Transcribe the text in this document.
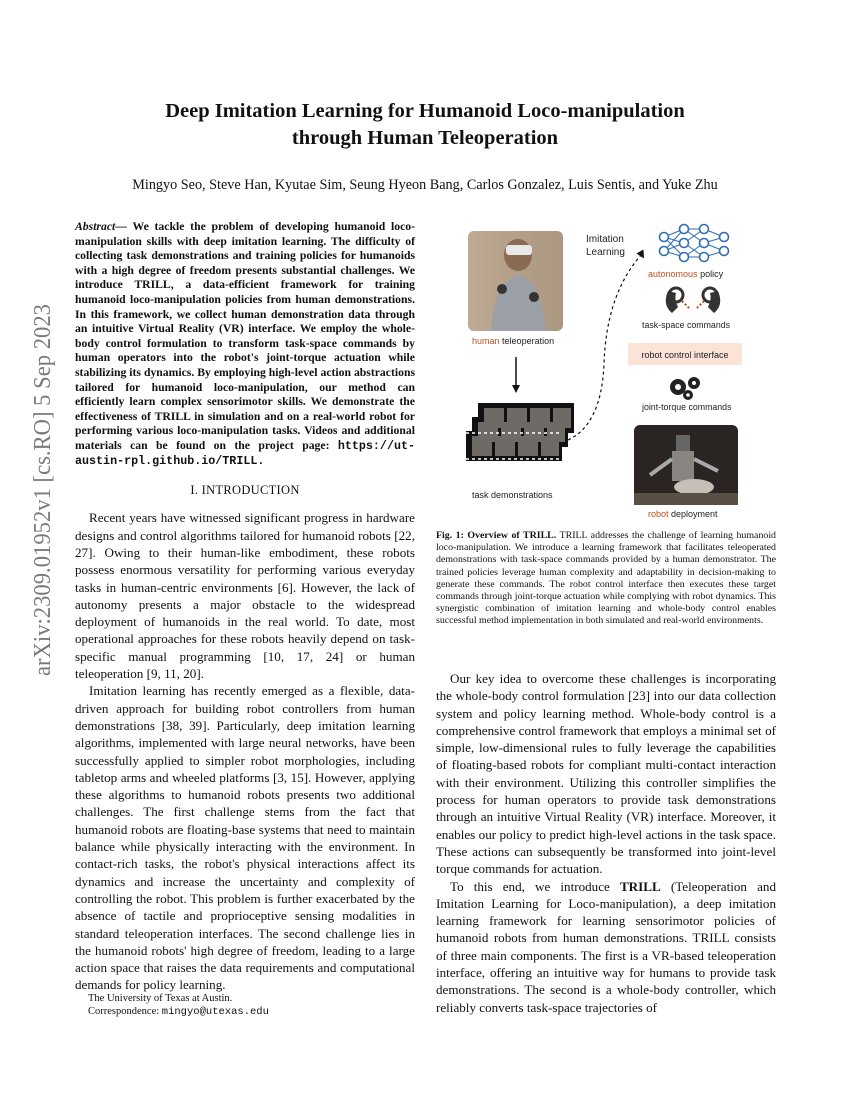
arXiv:2309.01952v1 [cs.RO] 5 Sep 2023
Deep Imitation Learning for Humanoid Loco-manipulation
through Human Teleoperation
Mingyo Seo, Steve Han, Kyutae Sim, Seung Hyeon Bang, Carlos Gonzalez, Luis Sentis, and Yuke Zhu
Abstract— We tackle the problem of developing humanoid loco-manipulation skills with deep imitation learning. The difficulty of collecting task demonstrations and training policies for humanoids with a high degree of freedom presents substantial challenges. We introduce TRILL, a data-efficient framework for training humanoid loco-manipulation policies from human demonstrations. In this framework, we collect human demonstration data through an intuitive Virtual Reality (VR) interface. We employ the whole-body control formulation to transform task-space commands by human operators into the robot's joint-torque actuation while stabilizing its dynamics. By employing high-level action abstractions tailored for humanoid loco-manipulation, our method can efficiently learn complex sensorimotor skills. We demonstrate the effectiveness of TRILL in simulation and on a real-world robot for performing various loco-manipulation tasks. Videos and additional materials can be found on the project page: https://ut-austin-rpl.github.io/TRILL.
I. INTRODUCTION

Recent years have witnessed significant progress in hardware designs and control algorithms tailored for humanoid robots [22, 27]. Owing to their human-like embodiment, these robots possess enormous versatility for performing various everyday tasks in human-centric environments [6]. However, the lack of autonomy presents a major obstacle to the widespread deployment of humanoids in the real world. To date, most operational approaches for these robots heavily depend on task-specific manual programming [10, 17, 24] or human teleoperation [9, 11, 20].

Imitation learning has recently emerged as a flexible, data-driven approach for building robot controllers from human demonstrations [38, 39]. Particularly, deep imitation learning algorithms, implemented with large neural networks, have been successfully applied to simpler robot morphologies, including tabletop arms and wheeled platforms [3, 15]. However, applying these algorithms to humanoid robots presents two additional challenges. The first challenge stems from the fact that humanoid robots are floating-base systems that need to maintain balance while physically interacting with the environment. In contact-rich tasks, the robot's physical interactions affect its dynamics and increase the uncertainty and complexity of controlling the robot. This problem is further exacerbated by the absence of tactile and proprioceptive sensing modalities in standard teleoperation interfaces. The second challenge lies in the humanoid robots' high degree of freedom, leading to a large action space that raises the data requirements and computational demands for policy learning.

The University of Texas at Austin.
Correspondence: mingyo@utexas.edu
human teleoperation
task demonstrations
Imitation
Learning
autonomous policy
task-space commands
robot control interface
joint-torque commands
robot deployment
Fig. 1: Overview of TRILL. TRILL addresses the challenge of learning humanoid loco-manipulation. We introduce a learning framework that facilitates teleoperated demonstrations with task-space commands provided by a human demonstrator. The trained policies leverage human complexity and adaptability in decision-making to generate these commands. The robot control interface then executes these target commands through joint-torque actuation while complying with robot dynamics. This synergistic combination of imitation learning and whole-body control enables successful method implementation in both simulated and real-world environments.

Our key idea to overcome these challenges is incorporating the whole-body control formulation [23] into our data collection system and policy learning method. Whole-body control is a comprehensive control framework that employs a minimal set of simple, low-dimensional rules to fully leverage the capabilities of floating-based robots for compliant multi-contact interaction with their environment. Utilizing this controller simplifies the process for human operators to provide task demonstrations through an intuitive Virtual Reality (VR) interface. Moreover, it enables our policy to predict high-level actions in the task space. These actions can subsequently be transformed into joint-level torque commands for actuation.

To this end, we introduce TRILL (Teleoperation and Imitation Learning for Loco-manipulation), a deep imitation learning framework for learning sensorimotor policies of humanoid robots from human demonstrations. TRILL consists of three main components. The first is a VR-based teleoperation interface, offering an intuitive way for humans to provide task demonstrations. The second is a whole-body controller, which reliably converts task-space trajectories of
